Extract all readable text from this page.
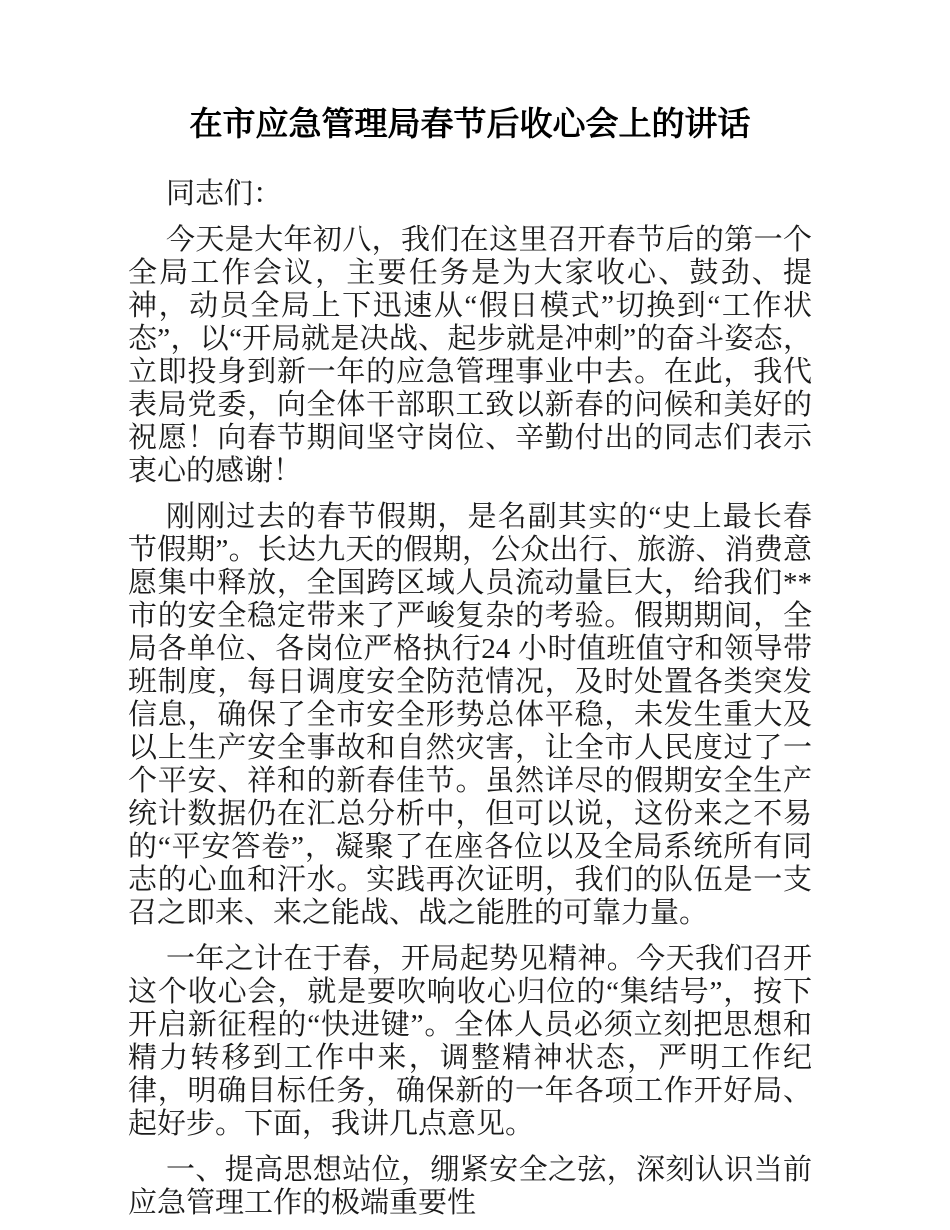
在市应急管理局春节后收心会上的讲话

同志们：

今天是大年初八，我们在这里召开春节后的第一个全局工作会议，主要任务是为大家收心、鼓劲、提神，动员全局上下迅速从“假日模式”切换到“工作状态”，以“开局就是决战、起步就是冲刺”的奋斗姿态，立即投身到新一年的应急管理事业中去。在此，我代表局党委，向全体干部职工致以新春的问候和美好的祝愿！向春节期间坚守岗位、辛勤付出的同志们表示衷心的感谢！

刚刚过去的春节假期，是名副其实的“史上最长春节假期”。长达九天的假期，公众出行、旅游、消费意愿集中释放，全国跨区域人员流动量巨大，给我们**市的安全稳定带来了严峻复杂的考验。假期期间，全局各单位、各岗位严格执行24 小时值班值守和领导带班制度，每日调度安全防范情况，及时处置各类突发信息，确保了全市安全形势总体平稳，未发生重大及以上生产安全事故和自然灾害，让全市人民度过了一个平安、祥和的新春佳节。虽然详尽的假期安全生产统计数据仍在汇总分析中，但可以说，这份来之不易的“平安答卷”，凝聚了在座各位以及全局系统所有同志的心血和汗水。实践再次证明，我们的队伍是一支召之即来、来之能战、战之能胜的可靠力量。

一年之计在于春，开局起势见精神。今天我们召开这个收心会，就是要吹响收心归位的“集结号”，按下开启新征程的“快进键”。全体人员必须立刻把思想和精力转移到工作中来，调整精神状态，严明工作纪律，明确目标任务，确保新的一年各项工作开好局、起好步。下面，我讲几点意见。

一、提高思想站位，绷紧安全之弦，深刻认识当前应急管理工作的极端重要性
